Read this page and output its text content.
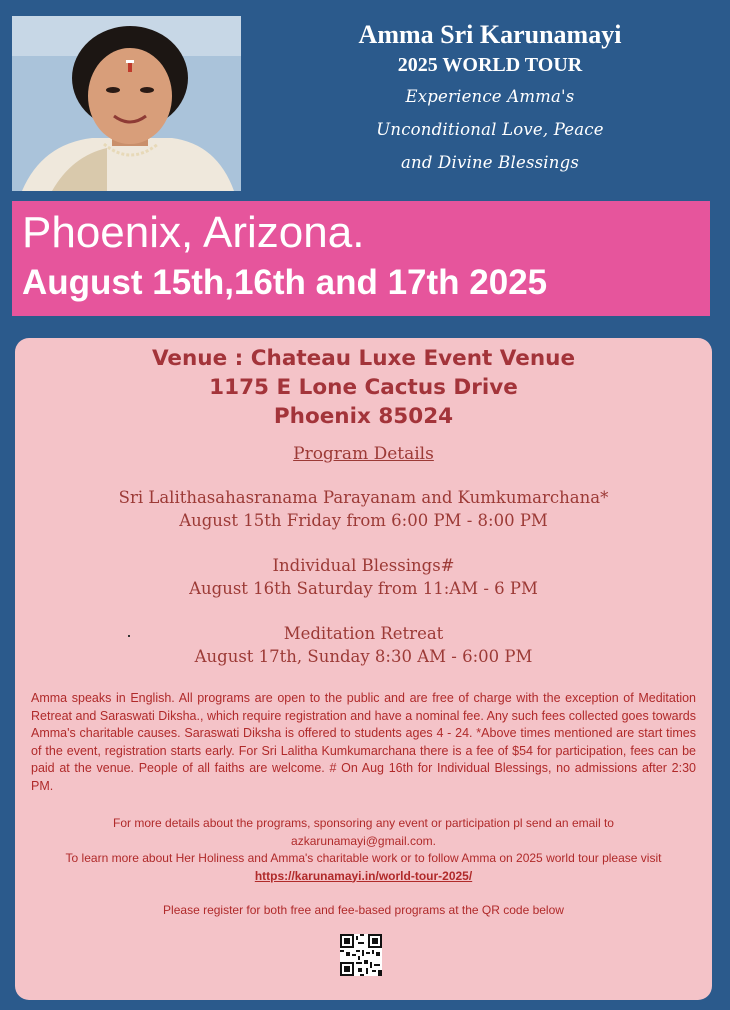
Amma Sri Karunamayi
2025 WORLD TOUR
Experience Amma's
Unconditional Love, Peace
and Divine Blessings
Phoenix, Arizona.
August 15th,16th and 17th 2025
Venue : Chateau Luxe Event Venue
1175 E Lone Cactus Drive
Phoenix 85024
Program Details
Sri Lalithasahasranama Parayanam and Kumkumarchana*
August 15th Friday from 6:00 PM - 8:00 PM
Individual Blessings#
August 16th Saturday from 11:AM - 6 PM
Meditation Retreat
August 17th, Sunday 8:30 AM - 6:00 PM
Amma speaks in English. All programs are open to the public and are free of charge with the exception of Meditation Retreat and Saraswati Diksha., which require registration and have a nominal fee. Any such fees collected goes towards Amma's charitable causes. Saraswati Diksha is offered to students ages 4 - 24. *Above times mentioned are start times of the event, registration starts early. For Sri Lalitha Kumkumarchana there is a fee of $54 for participation, fees can be paid at the venue. People of all faiths are welcome. # On Aug 16th for Individual Blessings, no admissions after 2:30 PM.
For more details about the programs, sponsoring any event or participation pl send an email to
azkarunamayi@gmail.com.
To learn more about Her Holiness and Amma's charitable work or to follow Amma on 2025 world tour please visit
https://karunamayi.in/world-tour-2025/
Please register for both free and fee-based programs at the QR code below
